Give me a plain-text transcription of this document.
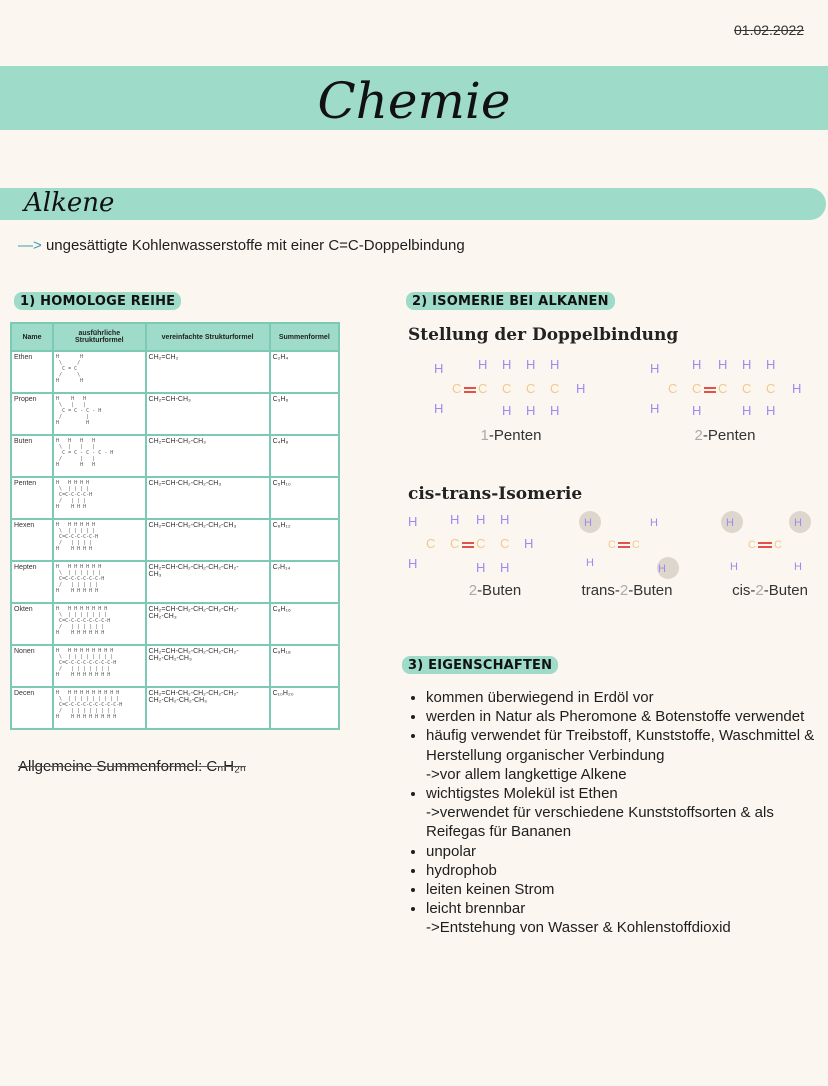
01.02.2022
Chemie
Alkene
—> ungesättigte Kohlenwasserstoffe mit einer C=C-Doppelbindung
1) HOMOLOGE REIHE
Name	ausführliche Strukturformel	vereinfachte Strukturformel	Summenformel
Ethen	H       H
\     /
C = C
/     \
H       H	CH₂=CH₂	C₂H₄
Propen	H    H   H
\   |   |
C = C - C - H
/        |
H         H	CH₂=CH-CH₃	C₃H₆
Buten	H   H   H   H
\  |   |   |
C = C - C - C - H
/      |   |
H       H   H	CH₂=CH-CH₂-CH₃	C₄H₈
Penten	H   H H H H
\  | | | |
C=C-C-C-C-H
/   | | |
H    H H H	CH₂=CH-CH₂-CH₂-CH₃	C₅H₁₀
Hexen	H   H H H H H
\  | | | | |
C=C-C-C-C-C-H
/   | | | |
H    H H H H	CH₂=CH-CH₂-CH₂-CH₂-CH₃	C₆H₁₂
Hepten	H   H H H H H H
\  | | | | | |
C=C-C-C-C-C-C-H
/   | | | | |
H    H H H H H	CH₂=CH-CH₂-CH₂-CH₂-CH₂-
CH₃	C₇H₁₄
Okten	H   H H H H H H H
\  | | | | | | |
C=C-C-C-C-C-C-C-H
/   | | | | | |
H    H H H H H H	CH₂=CH-CH₂-CH₂-CH₂-CH₂-
CH₂-CH₃	C₈H₁₆
Nonen	H   H H H H H H H H
\  | | | | | | | |
C=C-C-C-C-C-C-C-C-H
/   | | | | | | |
H    H H H H H H H	CH₂=CH-CH₂-CH₂-CH₂-CH₂-
CH₂-CH₂-CH₃	C₉H₁₈
Decen	H   H H H H H H H H H
\  | | | | | | | | |
C=C-C-C-C-C-C-C-C-C-H
/   | | | | | | | |
H    H H H H H H H H	CH₂=CH-CH₂-CH₂-CH₂-CH₂-
CH₂-CH₂-CH₂-CH₃	C₁₀H₂₀
Allgemeine Summenformel: CₙH₂ₙ
2) ISOMERIE BEI ALKANEN
Stellung der Doppelbindung
H
H
C C C C C H
H H H H
H H H
H
H
C C C C C H
H H H H
H	H H
1-Penten	2-Penten
cis-trans-Isomerie
H
H
C C C C H
H H H
H H
H
H
H
H
C C
H	H
H	H
C C
2-Buten	trans-2-Buten	cis-2-Buten
3) EIGENSCHAFTEN
• kommen überwiegend in Erdöl vor
• werden in Natur als Pheromone & Botenstoffe verwendet
• häufig verwendet für Treibstoff, Kunststoffe, Waschmittel & Herstellung organischer Verbindung
->vor allem langkettige Alkene
• wichtigstes Molekül ist Ethen
->verwendet für verschiedene Kunststoffsorten & als Reifegas für Bananen
• unpolar
• hydrophob
• leiten keinen Strom
• leicht brennbar
->Entstehung von Wasser & Kohlenstoffdioxid
